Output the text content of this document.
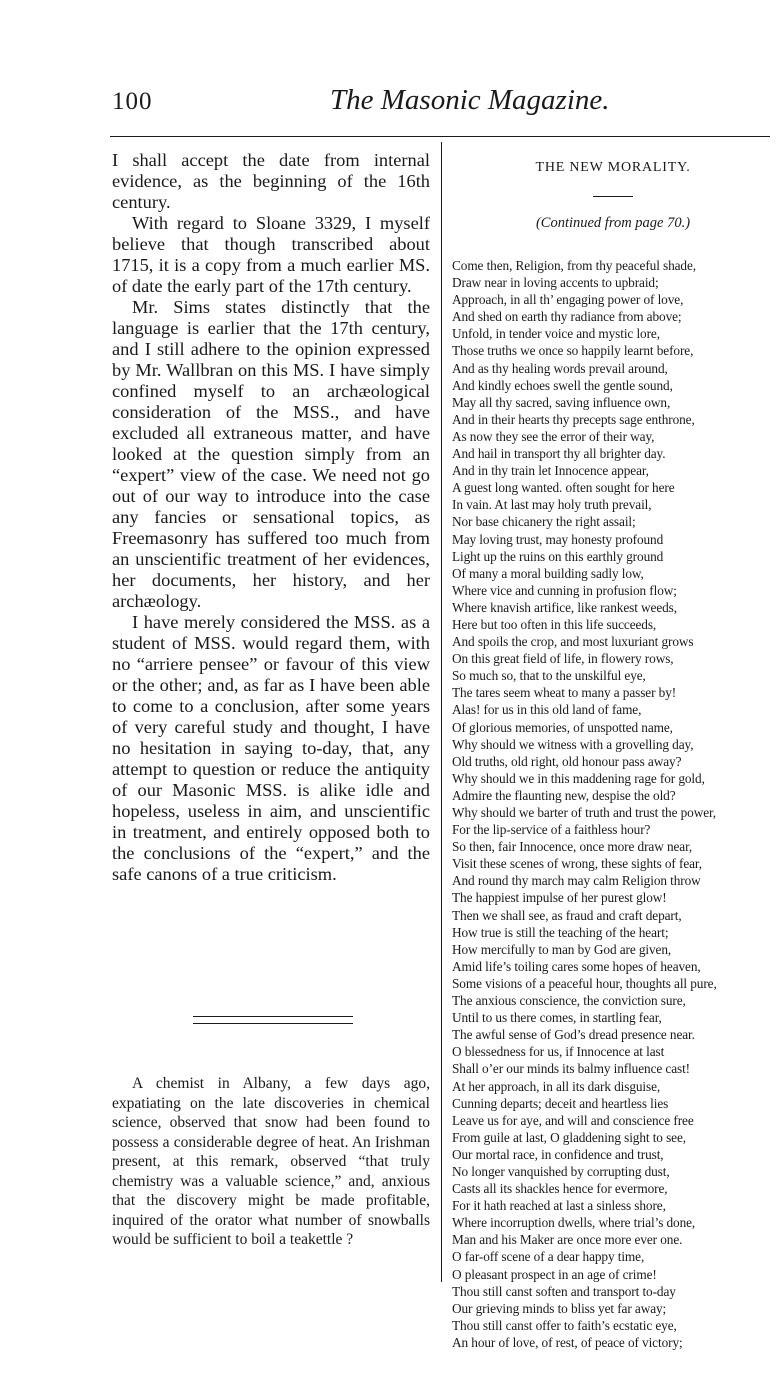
100	The Masonic Magazine.

I shall accept the date from internal evidence, as the beginning of the 16th century.

With regard to Sloane 3329, I myself believe that though transcribed about 1715, it is a copy from a much earlier MS. of date the early part of the 17th century.

Mr. Sims states distinctly that the language is earlier that the 17th century, and I still adhere to the opinion expressed by Mr. Wallbran on this MS. I have simply confined myself to an archæological consideration of the MSS., and have excluded all extraneous matter, and have looked at the question simply from an “expert” view of the case. We need not go out of our way to introduce into the case any fancies or sensational topics, as Freemasonry has suffered too much from an unscientific treatment of her evidences, her documents, her history, and her archæology.

I have merely considered the MSS. as a student of MSS. would regard them, with no “arriere pensee” or favour of this view or the other; and, as far as I have been able to come to a conclusion, after some years of very careful study and thought, I have no hesitation in saying to-day, that, any attempt to question or reduce the antiquity of our Masonic MSS. is alike idle and hopeless, useless in aim, and unscientific in treatment, and entirely opposed both to the conclusions of the “expert,” and the safe canons of a true criticism.

A chemist in Albany, a few days ago, expatiating on the late discoveries in chemical science, observed that snow had been found to possess a considerable degree of heat. An Irishman present, at this remark, observed “that truly chemistry was a valuable science,” and, anxious that the discovery might be made profitable, inquired of the orator what number of snowballs would be sufficient to boil a teakettle ?

THE NEW MORALITY.
(Continued from page 70.)
Come then, Religion, from thy peaceful shade,
Draw near in loving accents to upbraid;
Approach, in all th’ engaging power of love,
And shed on earth thy radiance from above;
Unfold, in tender voice and mystic lore,
Those truths we once so happily learnt before,
And as thy healing words prevail around,
And kindly echoes swell the gentle sound,
May all thy sacred, saving influence own,
And in their hearts thy precepts sage enthrone,
As now they see the error of their way,
And hail in transport thy all brighter day.
And in thy train let Innocence appear,
A guest long wanted. often sought for here
In vain. At last may holy truth prevail,
Nor base chicanery the right assail;
May loving trust, may honesty profound
Light up the ruins on this earthly ground
Of many a moral building sadly low,
Where vice and cunning in profusion flow;
Where knavish artifice, like rankest weeds,
Here but too often in this life succeeds,
And spoils the crop, and most luxuriant grows
On this great field of life, in flowery rows,
So much so, that to the unskilful eye,
The tares seem wheat to many a passer by!
Alas! for us in this old land of fame,
Of glorious memories, of unspotted name,
Why should we witness with a grovelling day,
Old truths, old right, old honour pass away?
Why should we in this maddening rage for gold,
Admire the flaunting new, despise the old?
Why should we barter of truth and trust the power,
For the lip-service of a faithless hour?
So then, fair Innocence, once more draw near,
Visit these scenes of wrong, these sights of fear,
And round thy march may calm Religion throw
The happiest impulse of her purest glow!
Then we shall see, as fraud and craft depart,
How true is still the teaching of the heart;
How mercifully to man by God are given,
Amid life’s toiling cares some hopes of heaven,
Some visions of a peaceful hour, thoughts all pure,
The anxious conscience, the conviction sure,
Until to us there comes, in startling fear,
The awful sense of God’s dread presence near.
O blessedness for us, if Innocence at last
Shall o’er our minds its balmy influence cast!
At her approach, in all its dark disguise,
Cunning departs; deceit and heartless lies
Leave us for aye, and will and conscience free
From guile at last, O gladdening sight to see,
Our mortal race, in confidence and trust,
No longer vanquished by corrupting dust,
Casts all its shackles hence for evermore,
For it hath reached at last a sinless shore,
Where incorruption dwells, where trial’s done,
Man and his Maker are once more ever one.
O far-off scene of a dear happy time,
O pleasant prospect in an age of crime!
Thou still canst soften and transport to-day
Our grieving minds to bliss yet far away;
Thou still canst offer to faith’s ecstatic eye,
An hour of love, of rest, of peace of victory;
